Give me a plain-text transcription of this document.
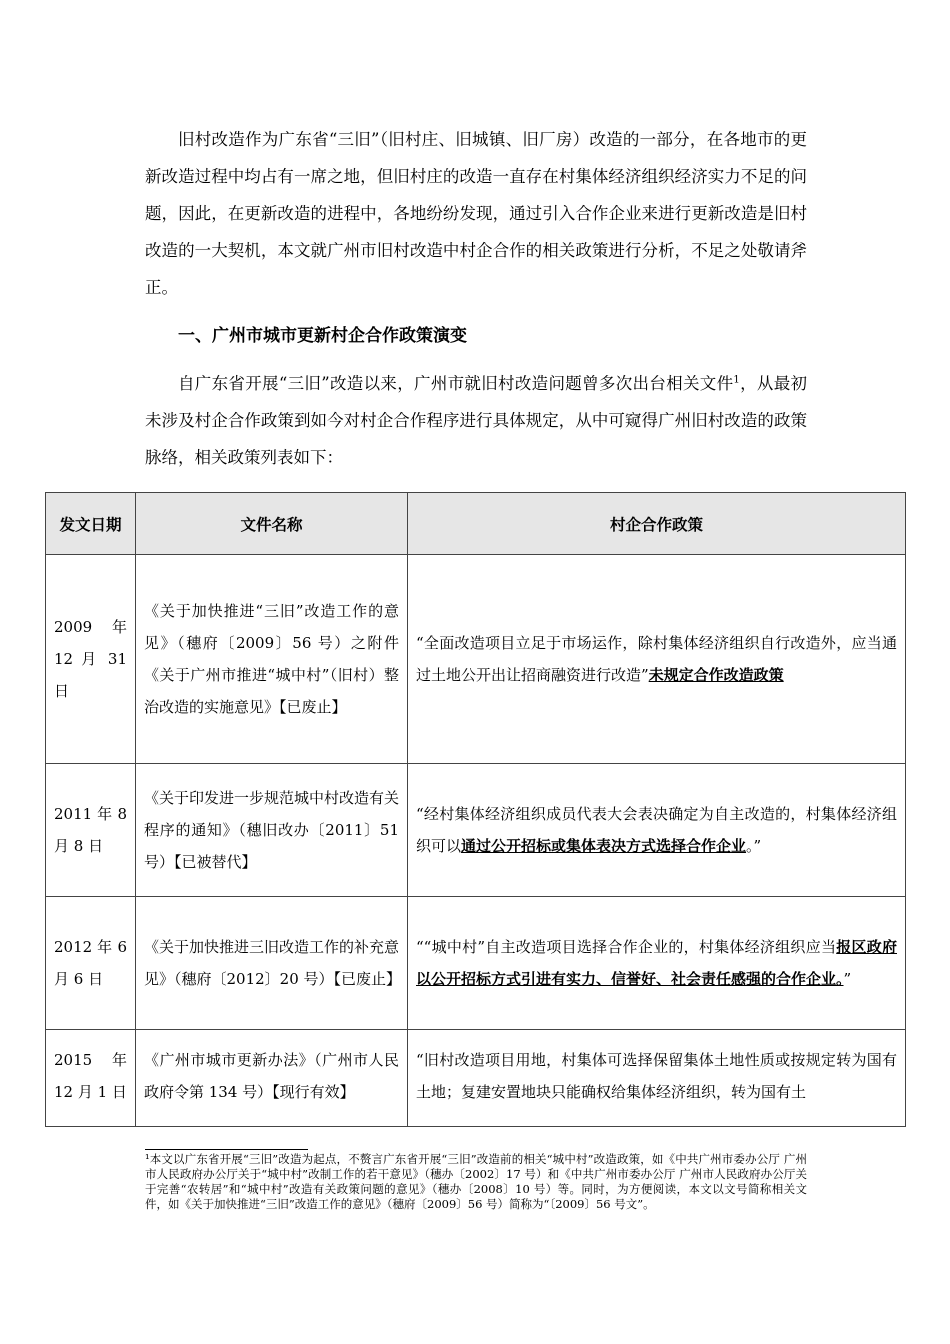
旧村改造作为广东省“三旧”（旧村庄、旧城镇、旧厂房）改造的一部分，在各地市的更新改造过程中均占有一席之地，但旧村庄的改造一直存在村集体经济组织经济实力不足的问题，因此，在更新改造的进程中，各地纷纷发现，通过引入合作企业来进行更新改造是旧村改造的一大契机，本文就广州市旧村改造中村企合作的相关政策进行分析，不足之处敬请斧正。

一、广州市城市更新村企合作政策演变

自广东省开展“三旧”改造以来，广州市就旧村改造问题曾多次出台相关文件$^1$，从最初未涉及村企合作政策到如今对村企合作程序进行具体规定，从中可窥得广州旧村改造的政策脉络，相关政策列表如下：

发文日期	文件名称	村企合作政策
2009 年 12 月 31 日	《关于加快推进“三旧”改造工作的意见》（穗府〔2009〕56 号）之附件《关于广州市推进“城中村”（旧村）整治改造的实施意见》【已废止】	“全面改造项目立足于市场运作，除村集体经济组织自行改造外，应当通过土地公开出让招商融资进行改造”未规定合作改造政策
2011 年 8 月 8 日	《关于印发进一步规范城中村改造有关程序的通知》（穗旧改办〔2011〕51 号）【已被替代】	“经村集体经济组织成员代表大会表决确定为自主改造的，村集体经济组织可以通过公开招标或集体表决方式选择合作企业。”
2012 年 6 月 6 日	《关于加快推进三旧改造工作的补充意见》（穗府〔2012〕20 号）【已废止】	““城中村”自主改造项目选择合作企业的，村集体经济组织应当报区政府以公开招标方式引进有实力、信誉好、社会责任感强的合作企业。”

2015 年 12 月 1 日	《广州市城市更新办法》（广州市人民政府令第 134 号）【现行有效】	“旧村改造项目用地，村集体可选择保留集体土地性质或按规定转为国有土地；复建安置地块只能确权给集体经济组织，转为国有土

¹本文以广东省开展“三旧”改造为起点，不赘言广东省开展“三旧”改造前的相关“城中村”改造政策，如《中共广州市委办公厅 广州市人民政府办公厅关于“城中村”改制工作的若干意见》（穗办〔2002〕17 号）和《中共广州市委办公厅 广州市人民政府办公厅关于完善“农转居”和“城中村”改造有关政策问题的意见》（穗办〔2008〕10 号）等。同时，为方便阅读，本文以文号简称相关文件，如《关于加快推进“三旧”改造工作的意见》（穗府〔2009〕56 号）简称为“〔2009〕56 号文”。
